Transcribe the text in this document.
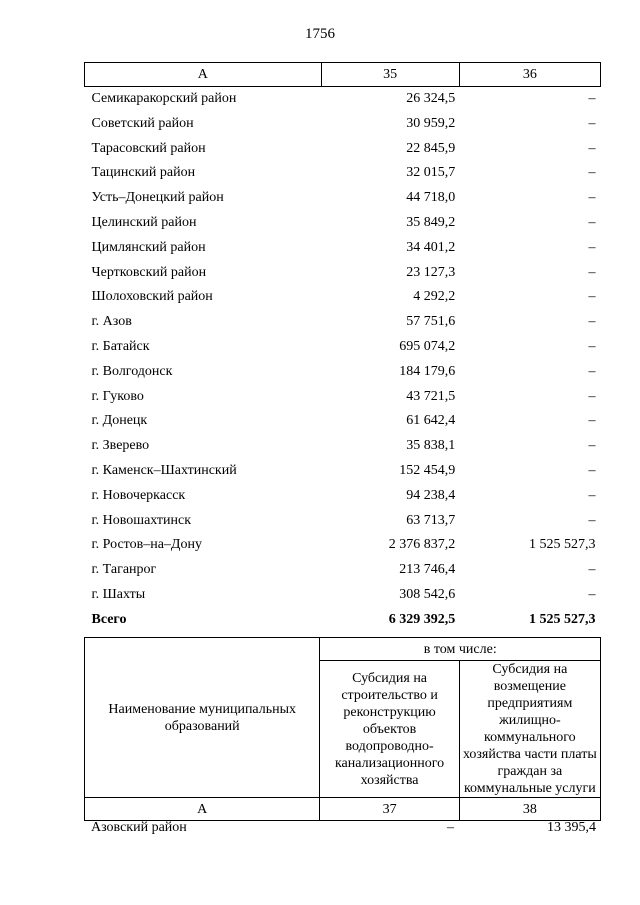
1756
А	35	36
Семикаракорский район	26 324,5	–
Советский район	30 959,2	–
Тарасовский район	22 845,9	–
Тацинский район	32 015,7	–
Усть–Донецкий район	44 718,0	–
Целинский район	35 849,2	–
Цимлянский район	34 401,2	–
Чертковский район	23 127,3	–
Шолоховский район	4 292,2	–
г. Азов	57 751,6	–
г. Батайск	695 074,2	–
г. Волгодонск	184 179,6	–
г. Гуково	43 721,5	–
г. Донецк	61 642,4	–
г. Зверево	35 838,1	–
г. Каменск–Шахтинский	152 454,9	–
г. Новочеркасск	94 238,4	–
г. Новошахтинск	63 713,7	–
г. Ростов–на–Дону	2 376 837,2	1 525 527,3
г. Таганрог	213 746,4	–
г. Шахты	308 542,6	–
Всего	6 329 392,5	1 525 527,3
Наименование муниципальных образований	в том числе:	
	Субсидия на строительство и реконструкцию объектов водопроводно-канализационного хозяйства	Субсидия на возмещение предприятиям жилищно-коммунального хозяйства части платы граждан за коммунальные услуги
А	37	38
Азовский район	–	13 395,4
